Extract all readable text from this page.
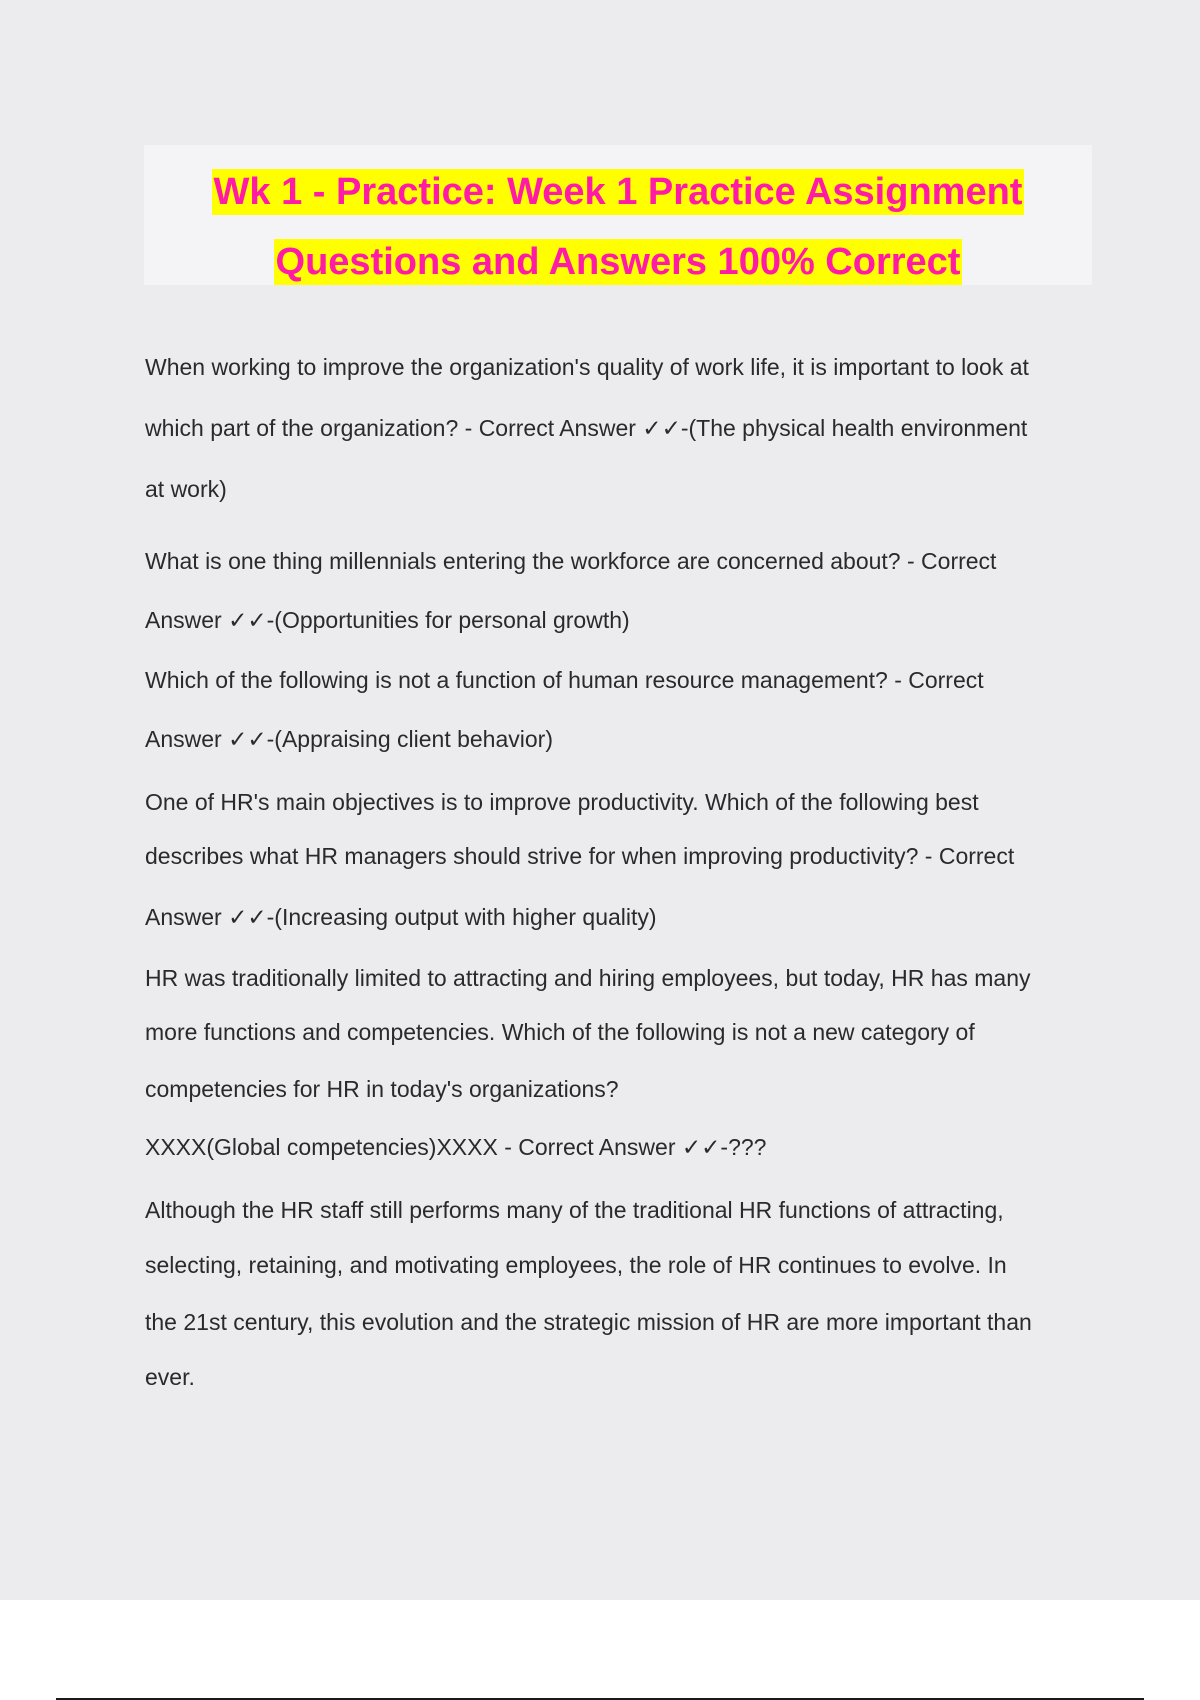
Wk 1 - Practice: Week 1 Practice Assignment
Questions and Answers 100% Correct
When working to improve the organization's quality of work life, it is important to look at
which part of the organization? - Correct Answer ✓✓-(The physical health environment
at work)
What is one thing millennials entering the workforce are concerned about? - Correct
Answer ✓✓-(Opportunities for personal growth)
Which of the following is not a function of human resource management? - Correct
Answer ✓✓-(Appraising client behavior)
One of HR's main objectives is to improve productivity. Which of the following best
describes what HR managers should strive for when improving productivity? - Correct
Answer ✓✓-(Increasing output with higher quality)
HR was traditionally limited to attracting and hiring employees, but today, HR has many
more functions and competencies. Which of the following is not a new category of
competencies for HR in today's organizations?
XXXX(Global competencies)XXXX - Correct Answer ✓✓-???
Although the HR staff still performs many of the traditional HR functions of attracting,
selecting, retaining, and motivating employees, the role of HR continues to evolve. In
the 21st century, this evolution and the strategic mission of HR are more important than
ever.
